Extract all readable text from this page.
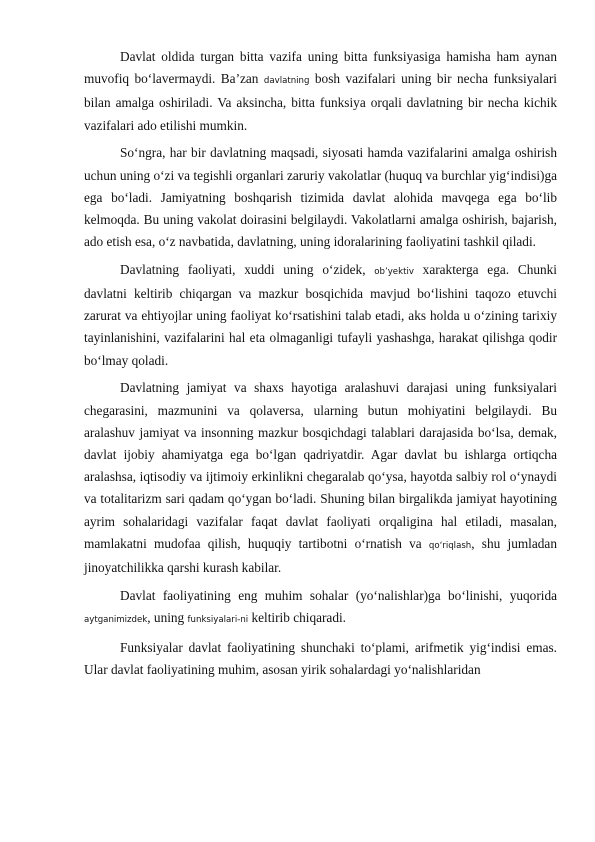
Davlat oldida turgan bitta vazifa uning bitta funksiyasiga hamisha ham aynan muvofiq boʻlavermaydi. Ba’zan davlatning bosh vazifalari uning bir necha funksiyalari bilan amalga oshiriladi. Va aksincha, bitta funksiya orqali davlatning bir necha kichik vazifalari ado etilishi mumkin.

Soʻngra, har bir davlatning maqsadi, siyosati hamda vazifalarini amalga oshirish uchun uning oʻzi va tegishli organlari zaruriy vakolatlar (huquq va burchlar yigʻindisi)ga ega boʻladi. Jamiyatning boshqarish tizimida davlat alohida mavqega ega boʻlib kelmoqda. Bu uning vakolat doirasini belgilaydi. Vakolatlarni amalga oshirish, bajarish, ado etish esa, oʻz navbatida, davlatning, uning idoralarining faoliyatini tashkil qiladi.

Davlatning faoliyati, xuddi uning oʻzidek, ob’yektiv xarakterga ega. Chunki davlatni keltirib chiqargan va mazkur bosqichida mavjud boʻlishini taqozo etuvchi zarurat va ehtiyojlar uning faoliyat koʻrsatishini talab etadi, aks holda u oʻzining tarixiy tayinlanishini, vazifalarini hal eta olmaganligi tufayli yashashga, harakat qilishga qodir boʻlmay qoladi.

Davlatning jamiyat va shaxs hayotiga aralashuvi darajasi uning funksiyalari chegarasini, mazmunini va qolaversa, ularning butun mohiyatini belgilaydi. Bu aralashuv jamiyat va insonning mazkur bosqichdagi talablari darajasida boʻlsa, demak, davlat ijobiy ahamiyatga ega boʻlgan qadriyatdir. Agar davlat bu ishlarga ortiqcha aralashsa, iqtisodiy va ijtimoiy erkinlikni chegaralab qoʻysa, hayotda salbiy rol oʻynaydi va totalitarizm sari qadam qoʻygan boʻladi. Shuning bilan birgalikda jamiyat hayotining ayrim sohalaridagi vazifalar faqat davlat faoliyati orqaligina hal etiladi, masalan, mamlakatni mudofaa qilish, huquqiy tartibotni oʻrnatish va qo‘riqlash, shu jumladan jinoyatchilikka qarshi kurash kabilar.

Davlat faoliyatining eng muhim sohalar (yoʻnalishlar)ga boʻlinishi, yuqorida aytganimizdek, uning funksiyalari-ni keltirib chiqaradi.

Funksiyalar davlat faoliyatining shunchaki toʻplami, arifmetik yigʻindisi emas. Ular davlat faoliyatining muhim, asosan yirik sohalardagi yoʻnalishlaridan
